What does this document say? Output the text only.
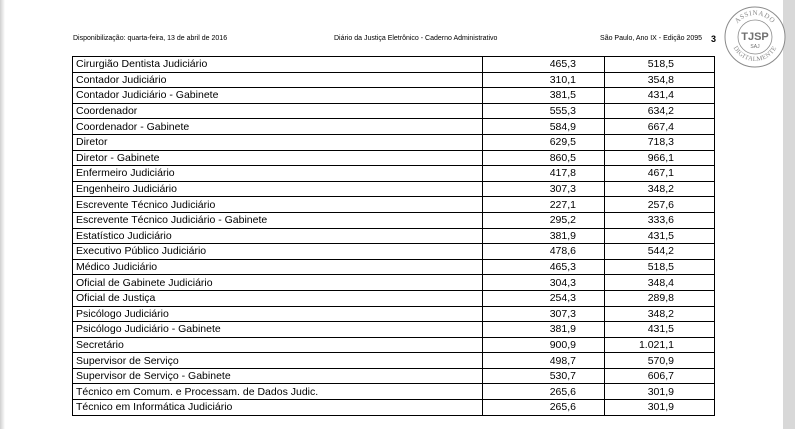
Disponibilização: quarta-feira, 13 de abril de 2016	Diário da Justiça Eletrônico - Caderno Administrativo	São Paulo, Ano IX - Edição 2095 3
ASSINADO
DIGITALMENTE
TJSP
SAJ
Cirurgião Dentista Judiciário	465,3	518,5
Contador Judiciário	310,1	354,8
Contador Judiciário - Gabinete	381,5	431,4
Coordenador	555,3	634,2
Coordenador - Gabinete	584,9	667,4
Diretor	629,5	718,3
Diretor - Gabinete	860,5	966,1
Enfermeiro Judiciário	417,8	467,1
Engenheiro Judiciário	307,3	348,2
Escrevente Técnico Judiciário	227,1	257,6
Escrevente Técnico Judiciário - Gabinete	295,2	333,6
Estatístico Judiciário	381,9	431,5
Executivo Público Judiciário	478,6	544,2
Médico Judiciário	465,3	518,5
Oficial de Gabinete Judiciário	304,3	348,4
Oficial de Justiça	254,3	289,8
Psicólogo Judiciário	307,3	348,2
Psicólogo Judiciário - Gabinete	381,9	431,5
Secretário	900,9	1.021,1
Supervisor de Serviço	498,7	570,9
Supervisor de Serviço - Gabinete	530,7	606,7
Técnico em Comum. e Processam. de Dados Judic.	265,6	301,9
Técnico em Informática Judiciário	265,6	301,9
